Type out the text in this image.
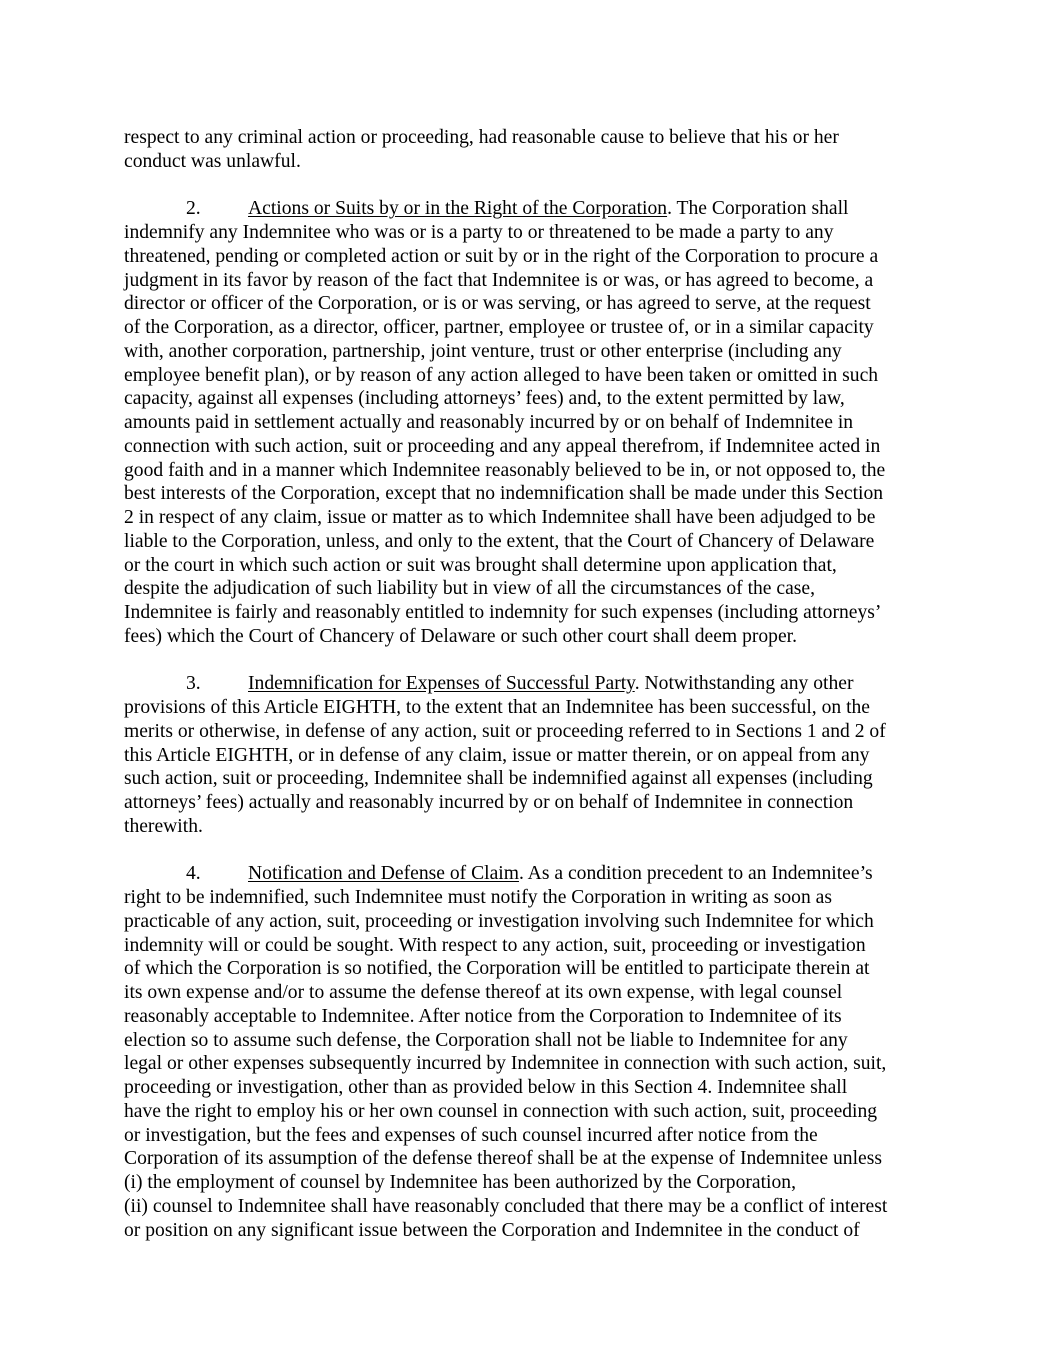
respect to any criminal action or proceeding, had reasonable cause to believe that his or her
conduct was unlawful.
2. Actions or Suits by or in the Right of the Corporation. The Corporation shall
indemnify any Indemnitee who was or is a party to or threatened to be made a party to any
threatened, pending or completed action or suit by or in the right of the Corporation to procure a
judgment in its favor by reason of the fact that Indemnitee is or was, or has agreed to become, a
director or officer of the Corporation, or is or was serving, or has agreed to serve, at the request
of the Corporation, as a director, officer, partner, employee or trustee of, or in a similar capacity
with, another corporation, partnership, joint venture, trust or other enterprise (including any
employee benefit plan), or by reason of any action alleged to have been taken or omitted in such
capacity, against all expenses (including attorneys’ fees) and, to the extent permitted by law,
amounts paid in settlement actually and reasonably incurred by or on behalf of Indemnitee in
connection with such action, suit or proceeding and any appeal therefrom, if Indemnitee acted in
good faith and in a manner which Indemnitee reasonably believed to be in, or not opposed to, the
best interests of the Corporation, except that no indemnification shall be made under this Section
2 in respect of any claim, issue or matter as to which Indemnitee shall have been adjudged to be
liable to the Corporation, unless, and only to the extent, that the Court of Chancery of Delaware
or the court in which such action or suit was brought shall determine upon application that,
despite the adjudication of such liability but in view of all the circumstances of the case,
Indemnitee is fairly and reasonably entitled to indemnity for such expenses (including attorneys’
fees) which the Court of Chancery of Delaware or such other court shall deem proper.
3. Indemnification for Expenses of Successful Party. Notwithstanding any other
provisions of this Article EIGHTH, to the extent that an Indemnitee has been successful, on the
merits or otherwise, in defense of any action, suit or proceeding referred to in Sections 1 and 2 of
this Article EIGHTH, or in defense of any claim, issue or matter therein, or on appeal from any
such action, suit or proceeding, Indemnitee shall be indemnified against all expenses (including
attorneys’ fees) actually and reasonably incurred by or on behalf of Indemnitee in connection
therewith.
4. Notification and Defense of Claim. As a condition precedent to an Indemnitee’s
right to be indemnified, such Indemnitee must notify the Corporation in writing as soon as
practicable of any action, suit, proceeding or investigation involving such Indemnitee for which
indemnity will or could be sought. With respect to any action, suit, proceeding or investigation
of which the Corporation is so notified, the Corporation will be entitled to participate therein at
its own expense and/or to assume the defense thereof at its own expense, with legal counsel
reasonably acceptable to Indemnitee. After notice from the Corporation to Indemnitee of its
election so to assume such defense, the Corporation shall not be liable to Indemnitee for any
legal or other expenses subsequently incurred by Indemnitee in connection with such action, suit,
proceeding or investigation, other than as provided below in this Section 4. Indemnitee shall
have the right to employ his or her own counsel in connection with such action, suit, proceeding
or investigation, but the fees and expenses of such counsel incurred after notice from the
Corporation of its assumption of the defense thereof shall be at the expense of Indemnitee unless
(i) the employment of counsel by Indemnitee has been authorized by the Corporation,
(ii) counsel to Indemnitee shall have reasonably concluded that there may be a conflict of interest
or position on any significant issue between the Corporation and Indemnitee in the conduct of
